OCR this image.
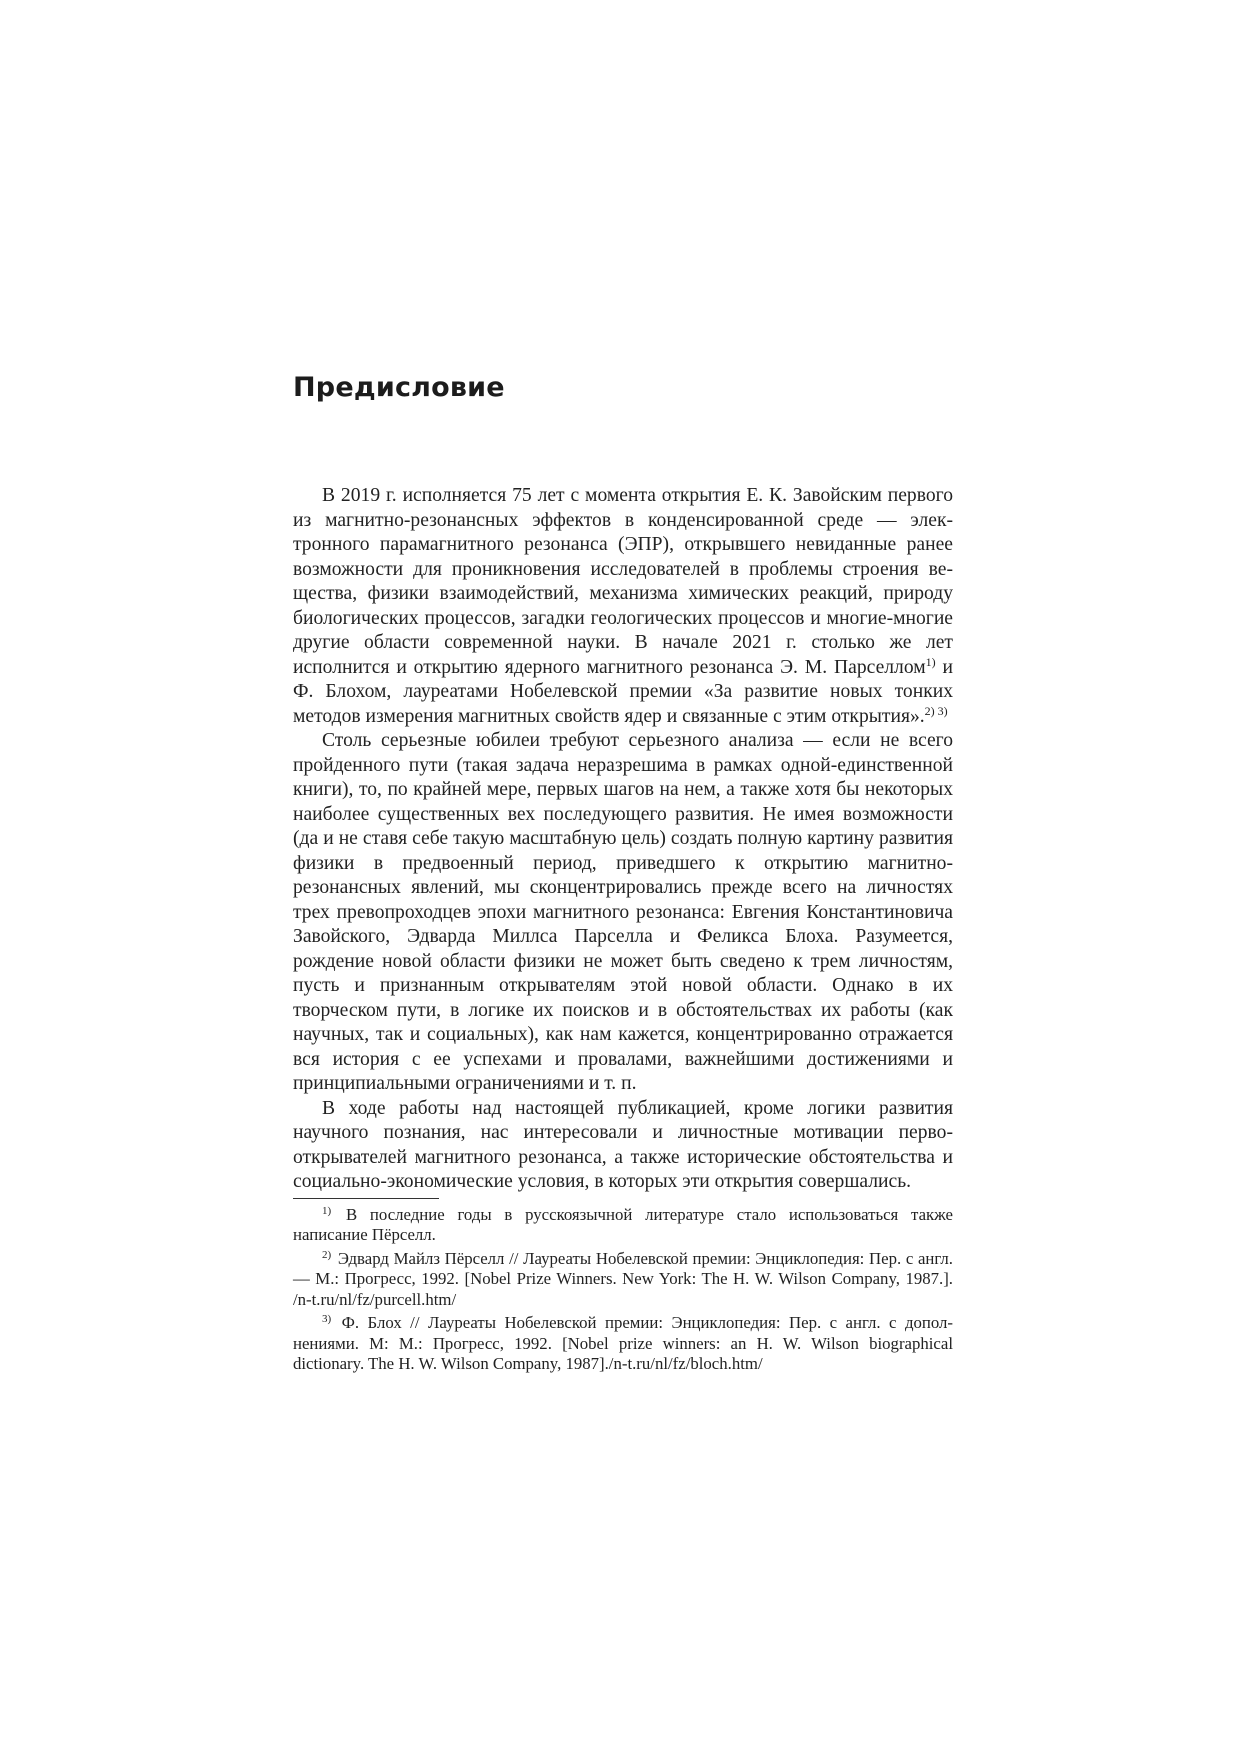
Предисловие

В 2019 г. исполняется 75 лет с момента открытия Е. К. Завойским первого из магнитно-резонансных эффектов в конденсированной среде — электронного парамагнитного резонанса (ЭПР), открывшего невиданные ранее возможности для проникновения исследователей в проблемы строения вещества, физики взаимодействий, механизма химических реакций, природу биологических процессов, загадки геологических процессов и многие-многие другие области современной науки. В начале 2021 г. столько же лет исполнится и открытию ядерного магнитного резонанса Э. М. Парселлом$^{1)}$ и Ф. Блохом, лауреатами Нобелевской премии «За развитие новых тонких методов измерения магнитных свойств ядер и связанные с этим открытия».$^{2) 3)}$

Столь серьезные юбилеи требуют серьезного анализа — если не всего пройденного пути (такая задача неразрешима в рамках одной-единственной книги), то, по крайней мере, первых шагов на нем, а также хотя бы некоторых наиболее существенных вех последующего развития. Не имея возможности (да и не ставя себе такую масштабную цель) создать полную картину развития физики в предвоенный период, приведшего к открытию магнитно-резонансных явлений, мы сконцентрировались прежде всего на личностях трех превопроходцев эпохи магнитного резонанса: Евгения Константиновича Завойского, Эдварда Миллса Парселла и Феликса Блоха. Разумеется, рождение новой области физики не может быть сведено к трем личностям, пусть и признанным открывателям этой новой области. Однако в их творческом пути, в логике их поисков и в обстоятельствах их работы (как научных, так и социальных), как нам кажется, концентрированно отражается вся история с ее успехами и провалами, важнейшими достижениями и принципиальными ограничениями и т. п.

В ходе работы над настоящей публикацией, кроме логики развития научного познания, нас интересовали и личностные мотивации первооткрывателей магнитного резонанса, а также исторические обстоятельства и социально-экономические условия, в которых эти открытия совершались.

$^{1)}$ В последние годы в русскоязычной литературе стало использоваться также написание Пёрселл.

$^{2)}$ Эдвард Майлз Пёрселл // Лауреаты Нобелевской премии: Энциклопедия: Пер. с англ. — М.: Прогресс, 1992. [Nobel Prize Winners. New York: The H. W. Wilson Company, 1987.]. /n-t.ru/nl/fz/purcell.htm/

$^{3)}$ Ф. Блох // Лауреаты Нобелевской премии: Энциклопедия: Пер. с англ. с дополнениями. М: М.: Прогресс, 1992. [Nobel prize winners: an H. W. Wilson biographical dictionary. The H. W. Wilson Company, 1987]./n-t.ru/nl/fz/bloch.htm/
